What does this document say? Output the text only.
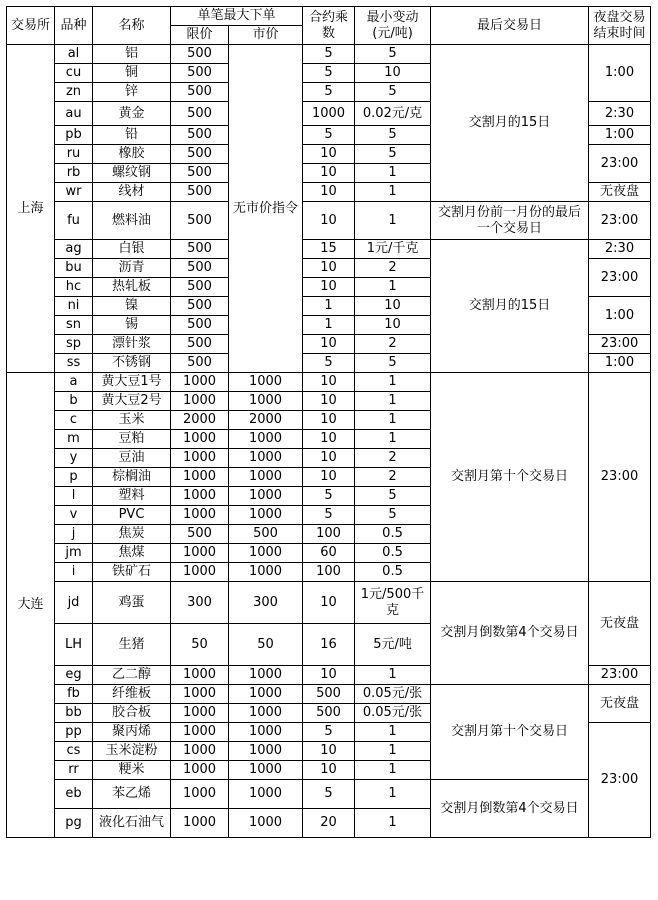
交易所	品种	名称	单笔最大下单		合约乘数	最小变动(元/吨)	最后交易日	夜盘交易结束时间
			限价	市价				
上海	al	铝	500	无市价指令	5	5	交割月的15日	1:00
	cu	铜	500		5	10		
	zn	锌	500		5	5		
	au	黄金	500		1000	0.02元/克		2:30
	pb	铅	500		5	5		1:00
	ru	橡胶	500		10	5		23:00
	rb	螺纹钢	500		10	1		
	wr	线材	500		10	1		无夜盘
	fu	燃料油	500		10	1	交割月份前一月份的最后一个交易日	23:00
	ag	白银	500		15	1元/千克	交割月的15日	2:30
	bu	沥青	500		10	2		23:00
	hc	热轧板	500		10	1		
	ni	镍	500		1	10		1:00
	sn	锡	500		1	10		
	sp	漂针浆	500		10	2		23:00
	ss	不锈钢	500		5	5		1:00
大连	a	黄大豆1号	1000	1000	10	1	交割月第十个交易日	23:00
	b	黄大豆2号	1000	1000	10	1		
	c	玉米	2000	2000	10	1		
	m	豆粕	1000	1000	10	1		
	y	豆油	1000	1000	10	2		
	p	棕榈油	1000	1000	10	2		
	l	塑料	1000	1000	5	5		
	v	PVC	1000	1000	5	5		
	j	焦炭	500	500	100	0.5		
	jm	焦煤	1000	1000	60	0.5		
	i	铁矿石	1000	1000	100	0.5		
	jd	鸡蛋	300	300	10	1元/500千克	交割月倒数第4个交易日	无夜盘
	LH	生猪	50	50	16	5元/吨		
	eg	乙二醇	1000	1000	10	1		23:00
	fb	纤维板	1000	1000	500	0.05元/张	交割月第十个交易日	无夜盘
	bb	胶合板	1000	1000	500	0.05元/张		
	pp	聚丙烯	1000	1000	5	1		23:00
	cs	玉米淀粉	1000	1000	10	1		
	rr	粳米	1000	1000	10	1		
	eb	苯乙烯	1000	1000	5	1	交割月倒数第4个交易日	
	pg	液化石油气	1000	1000	20	1		
